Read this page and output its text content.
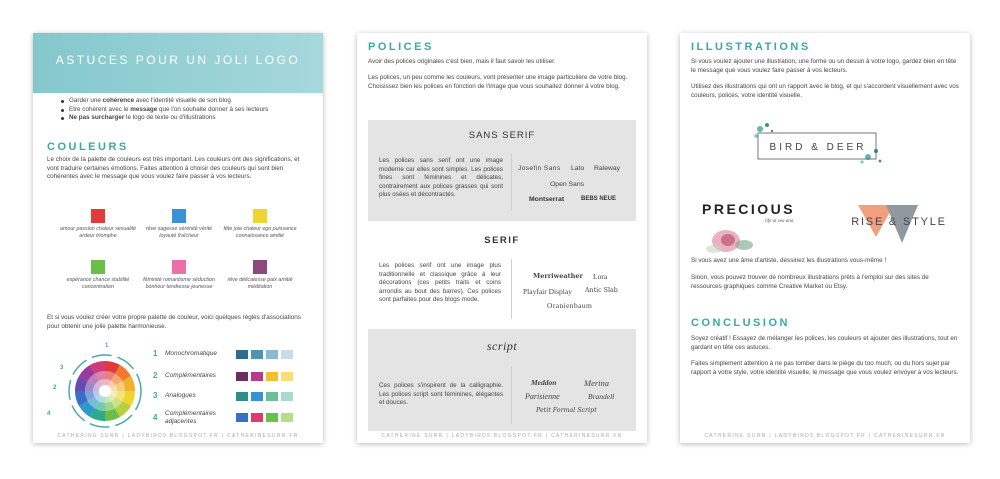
ASTUCES POUR UN JOLI LOGO
Garder une cohérence avec l'identité visuelle de son blog
Etre cohérent avec le message que l'on souhaite donner à ses lecteurs
Ne pas surcharger le logo de texte ou d'illustrations
COULEURS
Le choix de la palette de couleurs est très important. Les couleurs ont des significations, et vont traduire certaines émotions. Faites attention à choisir des couleurs qui sont bien cohérentes avec le message que vous voulez faire passer à vos lecteurs.
amour passion chaleur sexualité ardeur triomphe
rêve sagesse sérénité vérité loyauté fraîcheur
fête joie chaleur ego puissance connaissance amitié
espérance chance stabilité concentration
féminité romantisme séduction bonheur tendresse jeunesse
rêve délicatesse paix amitié méditation
Et si vous voulez créer votre propre palette de couleur, voici quelques règles d'associations pour obtenir une jolie palette harmonieuse.
1
2
3
4
1 Monochromatique
2 Complémentaires
3 Analogues
4 Complémentaires adjacentes
CATHERINE SURR | LADYBIRD9.BLOGSPOT.FR | CATHERINESURR.FR
POLICES
Avoir des polices originales c'est bien, mais il faut savoir les utiliser.
Les polices, un peu comme les couleurs, vont présenter une image particulière de votre blog. Choisissez bien les polices en fonction de l'image que vous souhaitez donner à votre blog.
SANS SERIF
Les polices sans serif ont une image moderne car elles sont simples. Les polices fines sont féminines et délicates, contrairement aux polices grasses qui sont plus osées et décontractés.
Josefin Sans Lato Raleway
Open Sans
Montserrat	BEBS NEUE
SERIF
Les polices serif ont une image plus traditionnelle et classique grâce à leur décorations (ces petits traits et coins arrondis au bout des barres). Ces polices sont parfaites pour des blogs mode.
Merriweather Lora
Playfair Display Antic Slab
Oranienbaum
script
Ces polices s'inspirent de la calligraphie. Les polices script sont féminines, élégantes et douces.
Meddon	Merina
Parisienne	Brandell
Petit Formal Script
CATHERINE SURR | LADYBIRD9.BLOGSPOT.FR | CATHERINESURR.FR
ILLUSTRATIONS
Si vous voulez ajouter une illustration, une forme ou un dessin à votre logo, gardez bien en tête le message que vous voulez faire passer à vos lecteurs.
Utilisez des illustrations qui ont un rapport avec le blog, et qui s'accordent visuellement avec vos couleurs, polices, votre identité visuelle.
BIRD & DEER
PRECIOUS
life at sea ana	RISE & STYLE
Si vous avez une âme d'artiste, dessinez les illustrations vous-même !
Sinon, vous pouvez trouver de nombreux illustrations prêts à l'emploi sur des sites de ressources graphiques comme Creative Market ou Etsy.
CONCLUSION
Soyez créatif ! Essayez de mélanger les polices, les couleurs et ajouter des illustrations, tout en gardant en tête ces astuces.
Faites simplement attention à ne pas tomber dans le piège du too much, ou du hors sujet par rapport à votre style, votre identité visuelle, le message que vous voulez envoyer à vos lecteurs.
CATHERINE SURR | LADYBIRD9.BLOGSPOT.FR | CATHERINESURR.FR
